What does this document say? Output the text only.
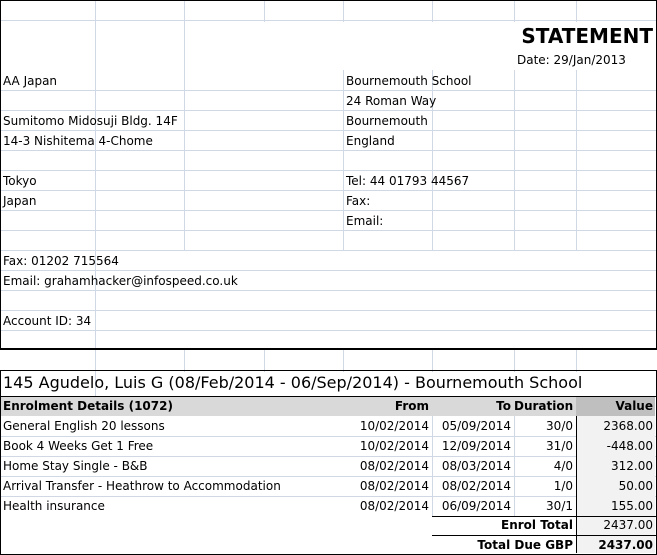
STATEMENT
Date: 29/Jan/2013
AA Japan
Sumitomo Midosuji Bldg. 14F
14-3 Nishitema 4-Chome
Tokyo
Japan
Fax: 01202 715564
Email: grahamhacker@infospeed.co.uk
Account ID: 34
Bournemouth School
24 Roman Way
Bournemouth
England
Tel: 44 01793 44567
Fax:
Email:
145 Agudelo, Luis G (08/Feb/2014 - 06/Sep/2014) - Bournemouth School
Enrolment Details (1072)	From	To Duration	Value
General English 20 lessons	10/02/2014	05/09/2014	30/0	2368.00
Book 4 Weeks Get 1 Free	10/02/2014	12/09/2014	31/0	-448.00
Home Stay Single - B&B	08/02/2014	08/03/2014	4/0	312.00
Arrival Transfer - Heathrow to Accommodation	08/02/2014	08/02/2014	1/0	50.00
Health insurance	08/02/2014	06/09/2014	30/1	155.00
Enrol Total	2437.00
Total Due GBP	2437.00
